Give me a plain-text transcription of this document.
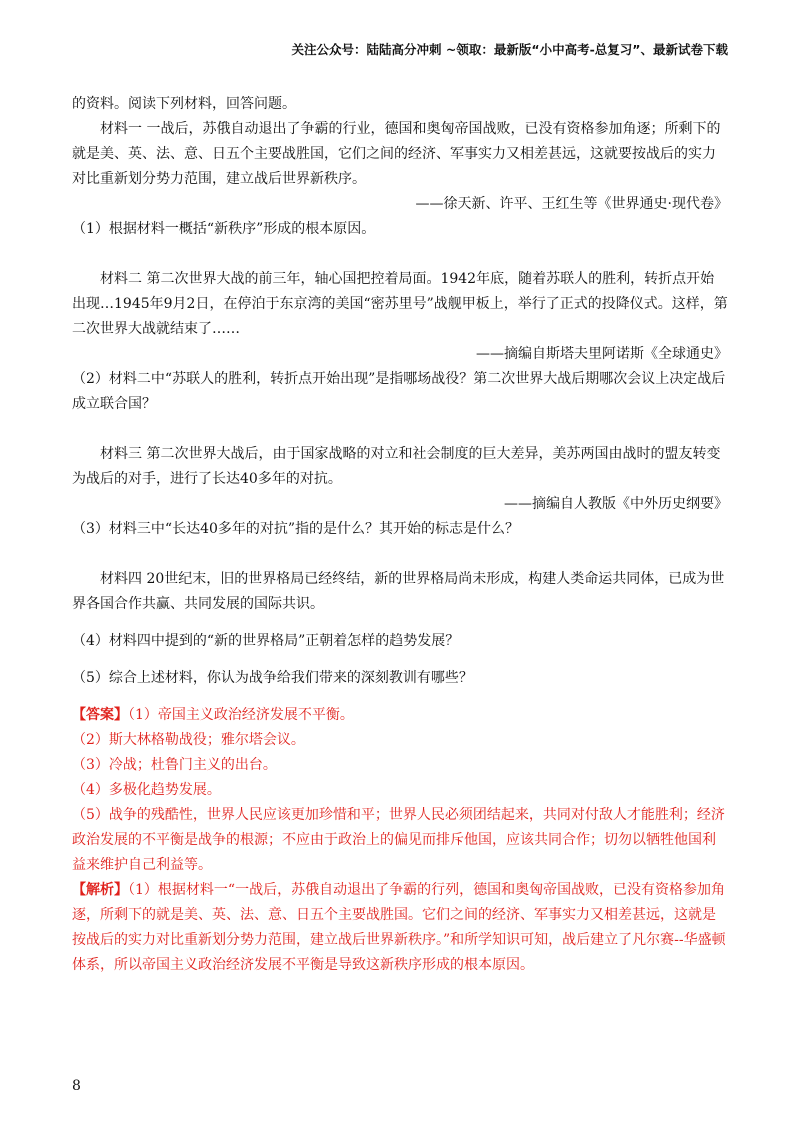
关注公众号：陆陆高分冲刺 ~领取：最新版“小中高考-总复习”、最新试卷下载

的资料。阅读下列材料，回答问题。

材料一 一战后，苏俄自动退出了争霸的行业，德国和奥匈帝国战败，已没有资格参加角逐；所剩下的就是美、英、法、意、日五个主要战胜国，它们之间的经济、军事实力又相差甚远，这就要按战后的实力对比重新划分势力范围，建立战后世界新秩序。

——徐天新、许平、王红生等《世界通史·现代卷》

（1）根据材料一概括“新秩序”形成的根本原因。

材料二 第二次世界大战的前三年，轴心国把控着局面。1942年底，随着苏联人的胜利，转折点开始出现…1945年9月2日，在停泊于东京湾的美国“密苏里号”战舰甲板上，举行了正式的投降仪式。这样，第二次世界大战就结束了……

——摘编自斯塔夫里阿诺斯《全球通史》

（2）材料二中“苏联人的胜利，转折点开始出现”是指哪场战役？第二次世界大战后期哪次会议上决定战后成立联合国？

材料三 第二次世界大战后，由于国家战略的对立和社会制度的巨大差异，美苏两国由战时的盟友转变为战后的对手，进行了长达40多年的对抗。

——摘编自人教版《中外历史纲要》

（3）材料三中“长达40多年的对抗”指的是什么？其开始的标志是什么？

材料四 20世纪末，旧的世界格局已经终结，新的世界格局尚未形成，构建人类命运共同体，已成为世界各国合作共赢、共同发展的国际共识。

（4）材料四中提到的“新的世界格局”正朝着怎样的趋势发展？

（5）综合上述材料，你认为战争给我们带来的深刻教训有哪些？

【答案】（1）帝国主义政治经济发展不平衡。

（2）斯大林格勒战役；雅尔塔会议。

（3）冷战；杜鲁门主义的出台。

（4）多极化趋势发展。

（5）战争的残酷性，世界人民应该更加珍惜和平；世界人民必须团结起来，共同对付敌人才能胜利；经济政治发展的不平衡是战争的根源；不应由于政治上的偏见而排斥他国，应该共同合作；切勿以牺牲他国利益来维护自己利益等。

【解析】（1）根据材料一“一战后，苏俄自动退出了争霸的行列，德国和奥匈帝国战败，已没有资格参加角逐，所剩下的就是美、英、法、意、日五个主要战胜国。它们之间的经济、军事实力又相差甚远，这就是按战后的实力对比重新划分势力范围，建立战后世界新秩序。”和所学知识可知，战后建立了凡尔赛--华盛顿体系，所以帝国主义政治经济发展不平衡是导致这新秩序形成的根本原因。

8
